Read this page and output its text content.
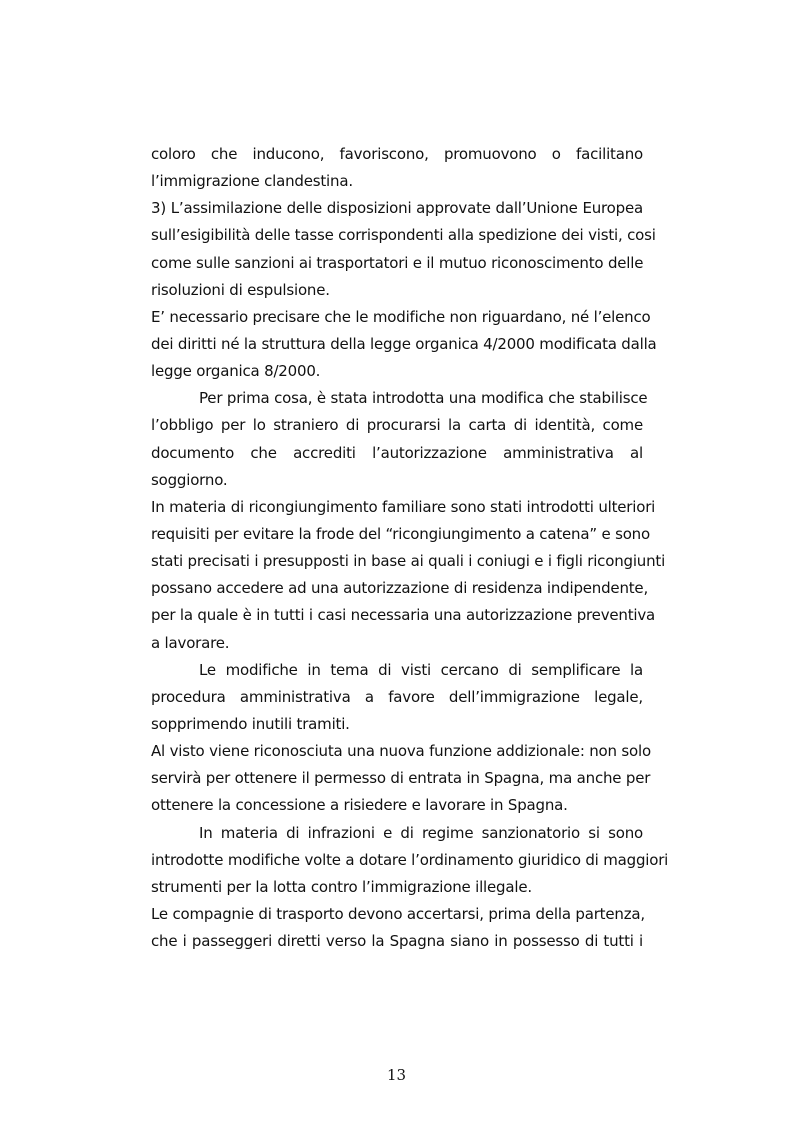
coloro che inducono, favoriscono, promuovono o facilitano
l’immigrazione clandestina.
3) L’assimilazione delle disposizioni approvate dall’Unione Europea
sull’esigibilità delle tasse corrispondenti alla spedizione dei visti, cosi
come sulle sanzioni ai trasportatori e il mutuo riconoscimento delle
risoluzioni di espulsione.
E’ necessario precisare che le modifiche non riguardano, né l’elenco
dei diritti né la struttura della legge organica 4/2000 modificata dalla
legge organica 8/2000.
Per prima cosa, è stata introdotta una modifica che stabilisce
l’obbligo per lo straniero di procurarsi la carta di identità, come
documento che accrediti l’autorizzazione amministrativa al
soggiorno.
In materia di ricongiungimento familiare sono stati introdotti ulteriori
requisiti per evitare la frode del “ricongiungimento a catena” e sono
stati precisati i presupposti in base ai quali i coniugi e i figli ricongiunti
possano accedere ad una autorizzazione di residenza indipendente,
per la quale è in tutti i casi necessaria una autorizzazione preventiva
a lavorare.
Le modifiche in tema di visti cercano di semplificare la
procedura amministrativa a favore dell’immigrazione legale,
sopprimendo inutili tramiti.
Al visto viene riconosciuta una nuova funzione addizionale: non solo
servirà per ottenere il permesso di entrata in Spagna, ma anche per
ottenere la concessione a risiedere e lavorare in Spagna.
In materia di infrazioni e di regime sanzionatorio si sono
introdotte modifiche volte a dotare l’ordinamento giuridico di maggiori
strumenti per la lotta contro l’immigrazione illegale.
Le compagnie di trasporto devono accertarsi, prima della partenza,
che i passeggeri diretti verso la Spagna siano in possesso di tutti i
13
